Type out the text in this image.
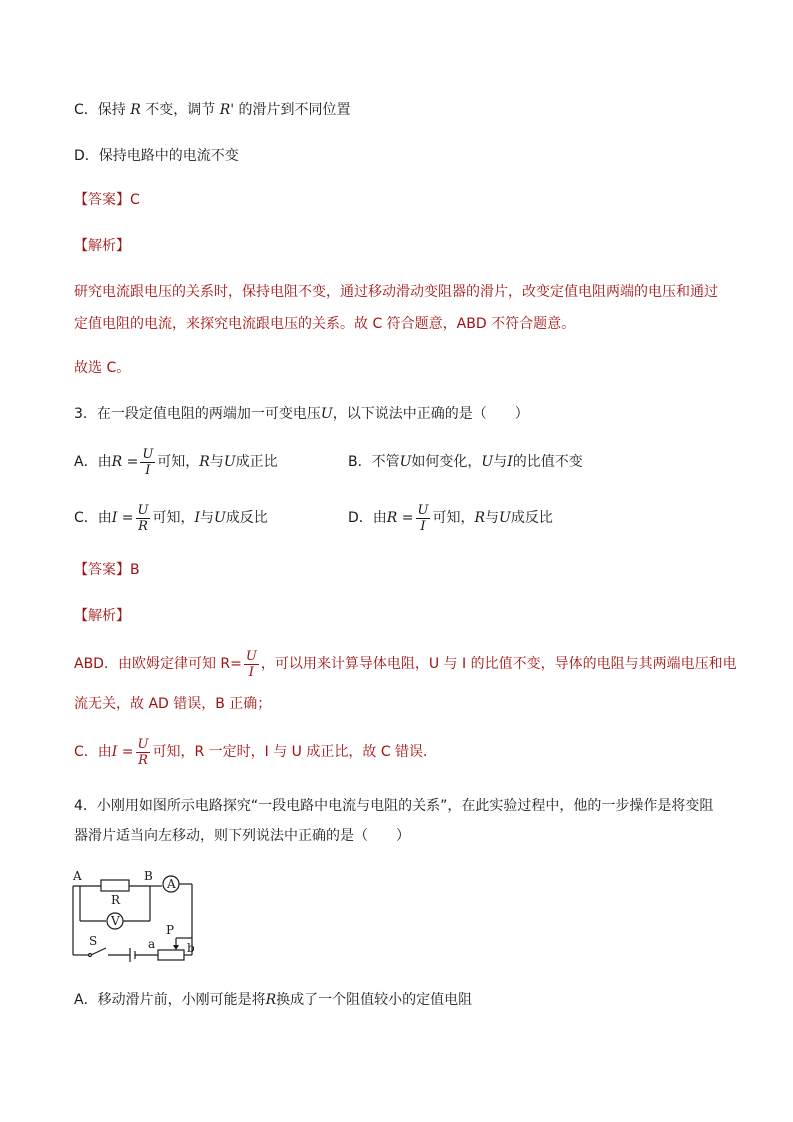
C．保持 R 不变，调节 R' 的滑片到不同位置
D．保持电路中的电流不变
【答案】C
【解析】
研究电流跟电压的关系时，保持电阻不变，通过移动滑动变阻器的滑片，改变定值电阻两端的电压和通过
定值电阻的电流，来探究电流跟电压的关系。故 C 符合题意，ABD 不符合题意。
故选 C。
3．在一段定值电阻的两端加一可变电压U，以下说法中正确的是（　　）
A．由$R = \frac{U}{I}$ 可知，R与U成正比	B．不管U如何变化，U与I的比值不变
C．由$I = \frac{U}{R}$ 可知，I与U成反比	D．由$R = \frac{U}{I}$ 可知，R与U成反比
【答案】B
【解析】
ABD．由欧姆定律可知 $R= \frac{U}{I}$ ，可以用来计算导体电阻，U 与 I 的比值不变，导体的电阻与其两端电压和电
流无关，故 AD 错误，B 正确；
C．由$I = \frac{U}{R}$ 可知，R 一定时，I 与 U 成正比，故 C 错误．
4．小刚用如图所示电路探究“一段电路中电流与电阻的关系”，在此实验过程中，他的一步操作是将变阻
器滑片适当向左移动，则下列说法中正确的是（　　）
A	B
R
A
V
S	a	b
P
A．移动滑片前，小刚可能是将R换成了一个阻值较小的定值电阻
